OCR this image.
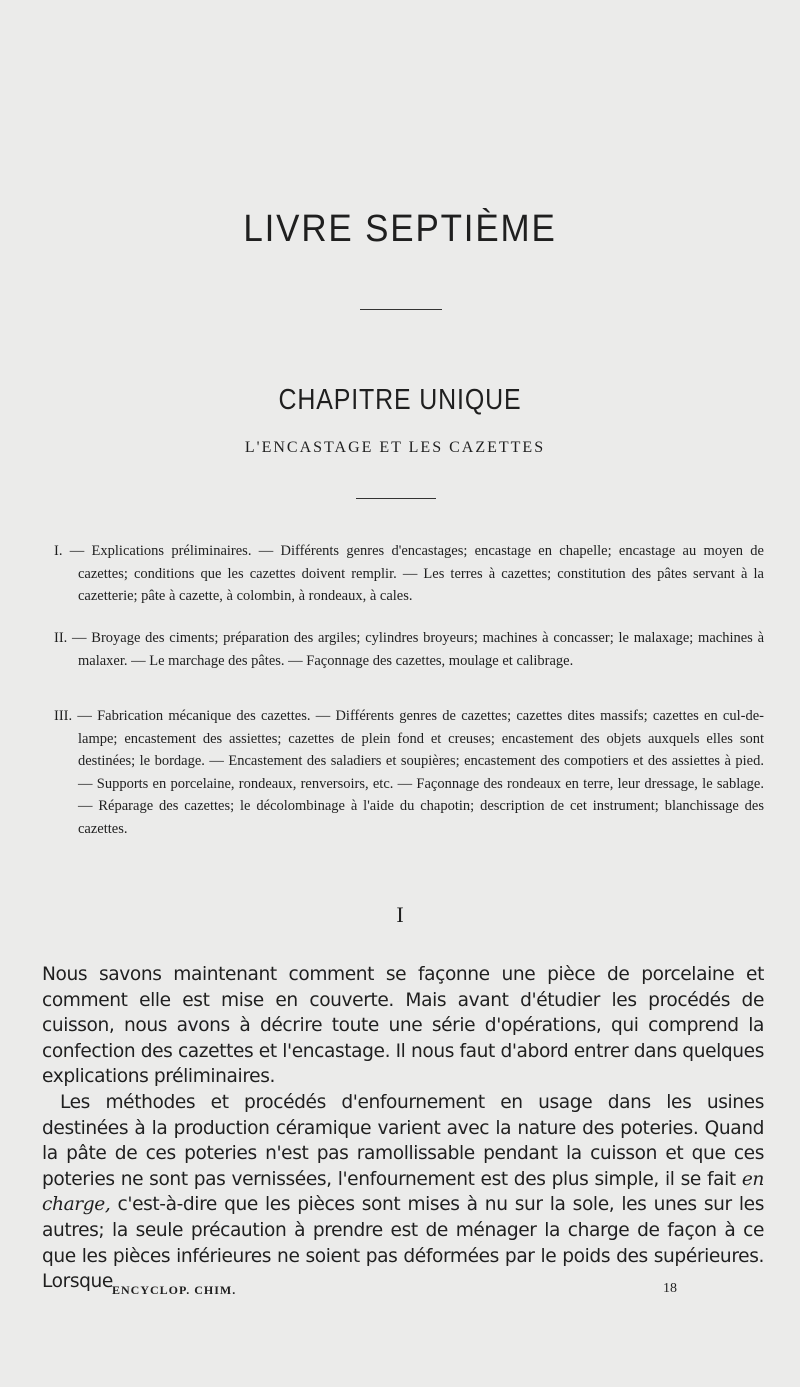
LIVRE SEPTIÈME
CHAPITRE UNIQUE
L'ENCASTAGE ET LES CAZETTES

I. — Explications préliminaires. — Différents genres d'encastages; encastage en chapelle; encastage au moyen de cazettes; conditions que les cazettes doivent remplir. — Les terres à cazettes; constitution des pâtes servant à la cazetterie; pâte à cazette, à colombin, à rondeaux, à cales.

II. — Broyage des ciments; préparation des argiles; cylindres broyeurs; machines à concasser; le malaxage; machines à malaxer. — Le marchage des pâtes. — Façonnage des cazettes, moulage et calibrage.

III. — Fabrication mécanique des cazettes. — Différents genres de cazettes; cazettes dites massifs; cazettes en cul-de-lampe; encastement des assiettes; cazettes de plein fond et creuses; encastement des objets auxquels elles sont destinées; le bordage. — Encastement des saladiers et soupières; encastement des compotiers et des assiettes à pied. — Supports en porcelaine, rondeaux, renversoirs, etc. — Façonnage des rondeaux en terre, leur dressage, le sablage. — Réparage des cazettes; le décolombinage à l'aide du chapotin; description de cet instrument; blanchissage des cazettes.

I

Nous savons maintenant comment se façonne une pièce de porcelaine et comment elle est mise en couverte. Mais avant d'étudier les procédés de cuisson, nous avons à décrire toute une série d'opérations, qui comprend la confection des cazettes et l'encastage. Il nous faut d'abord entrer dans quelques explications préliminaires.

Les méthodes et procédés d'enfournement en usage dans les usines destinées à la production céramique varient avec la nature des poteries. Quand la pâte de ces poteries n'est pas ramollissable pendant la cuisson et que ces poteries ne sont pas vernissées, l'enfournement est des plus simple, il se fait en charge, c'est-à-dire que les pièces sont mises à nu sur la sole, les unes sur les autres; la seule précaution à prendre est de ménager la charge de façon à ce que les pièces inférieures ne soient pas déformées par le poids des supérieures. Lorsque ENCYCLOP. CHIM.	18
